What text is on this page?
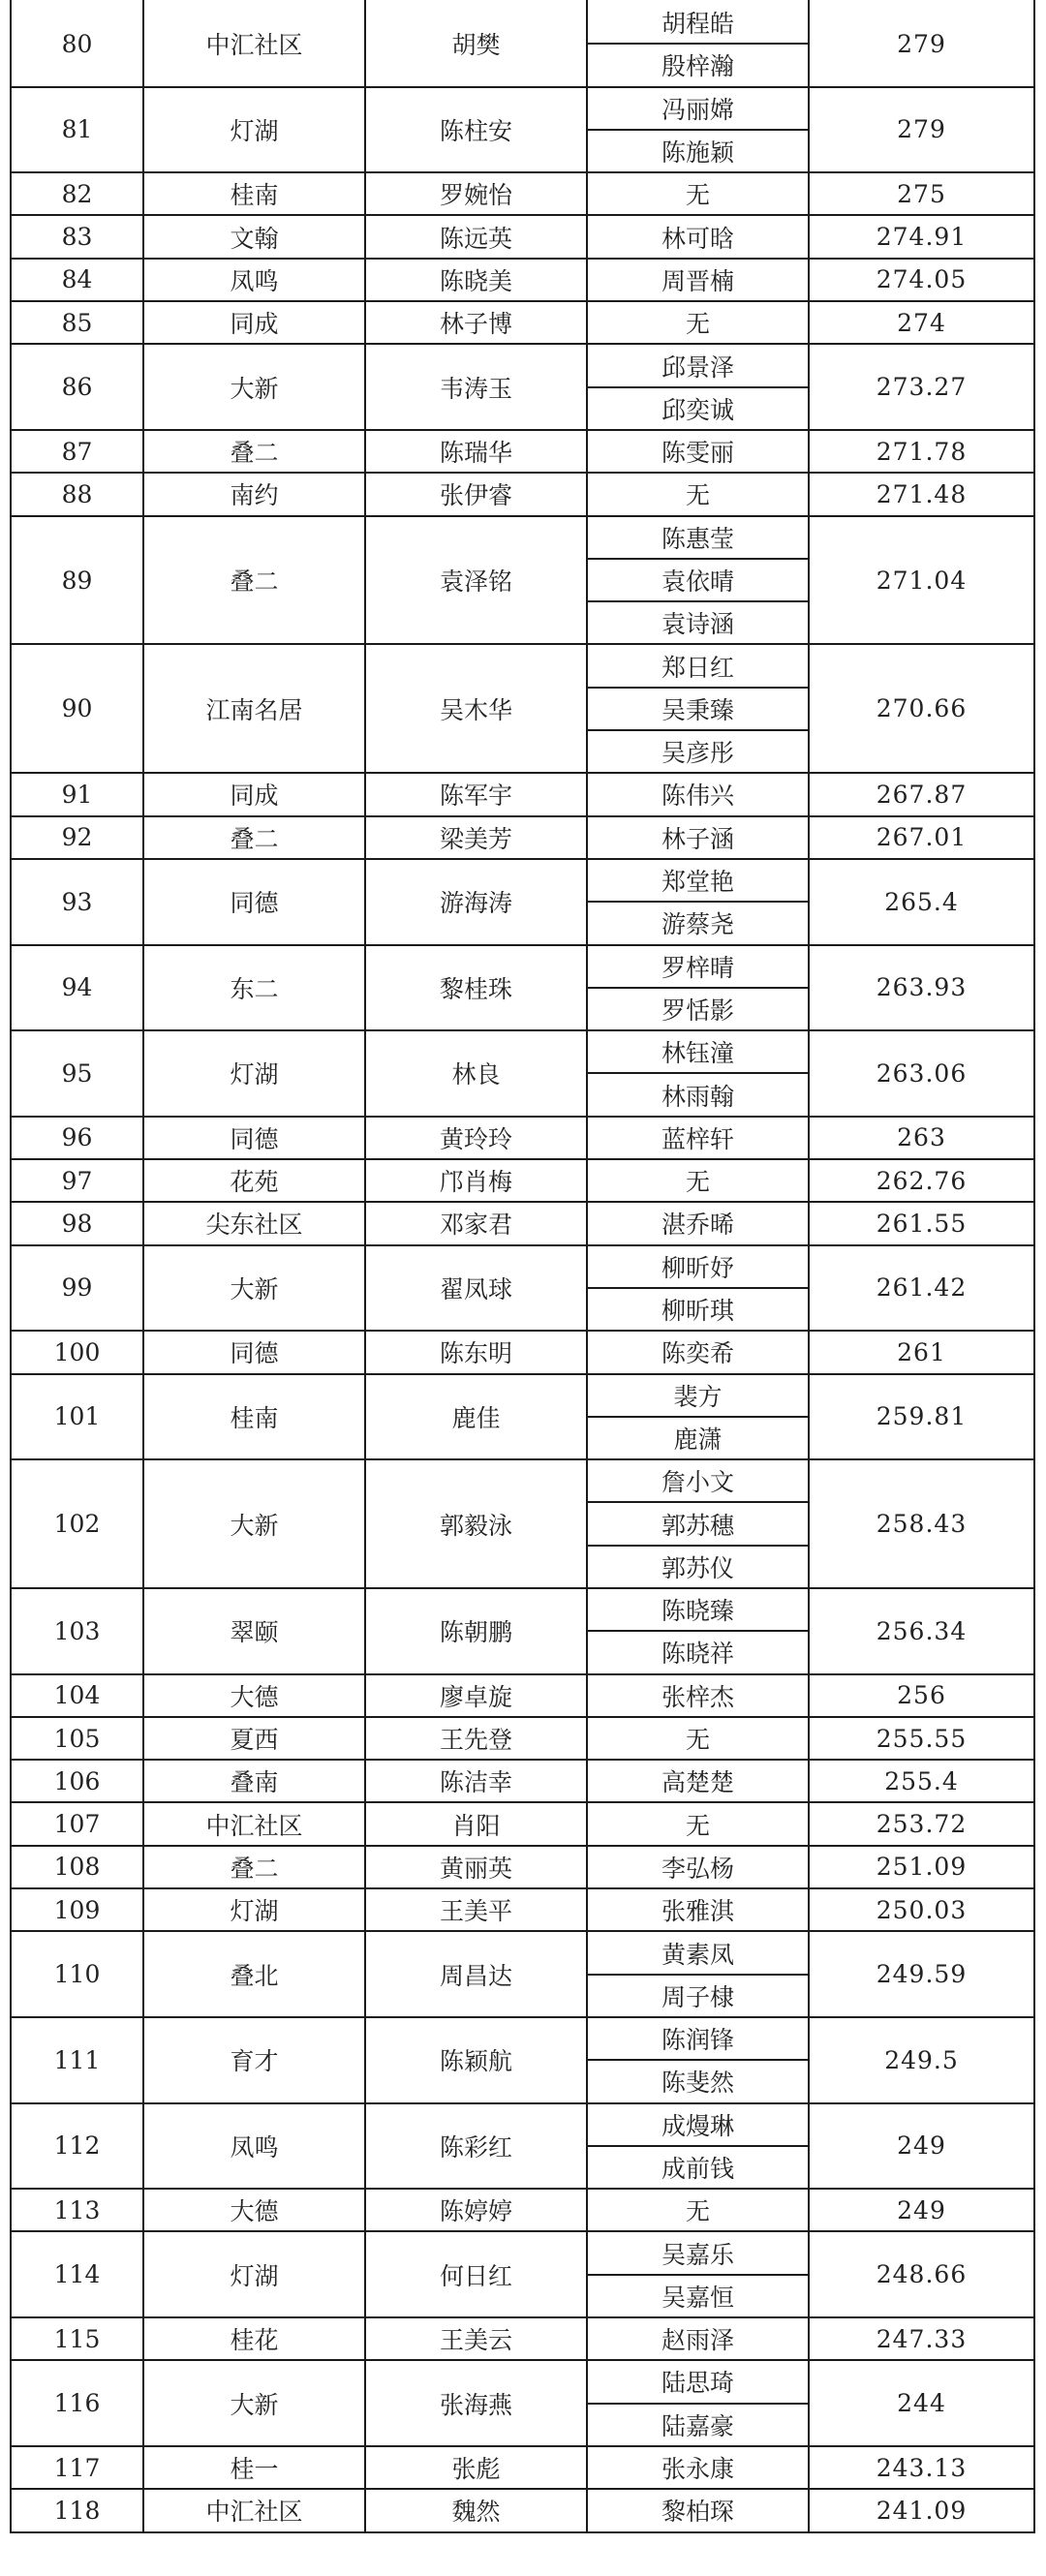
80	中汇社区	胡樊	胡程皓	279
			殷梓瀚	
81	灯湖	陈柱安	冯丽嫦	279
			陈施颖	
82	桂南	罗婉怡	无	275
83	文翰	陈远英	林可晗	274.91
84	凤鸣	陈晓美	周晋楠	274.05
85	同成	林子博	无	274
86	大新	韦涛玉	邱景泽	273.27
			邱奕诚	
87	叠二	陈瑞华	陈雯丽	271.78
88	南约	张伊睿	无	271.48
89	叠二	袁泽铭	陈惠莹	271.04
			袁依晴	
			袁诗涵	
90	江南名居	吴木华	郑日红	270.66
			吴秉臻	
			吴彦彤	
91	同成	陈军宇	陈伟兴	267.87
92	叠二	梁美芳	林子涵	267.01
93	同德	游海涛	郑堂艳	265.4
			游蔡尧	
94	东二	黎桂珠	罗梓晴	263.93
			罗恬影	
95	灯湖	林良	林钰潼	263.06
			林雨翰	
96	同德	黄玲玲	蓝梓轩	263
97	花苑	邝肖梅	无	262.76
98	尖东社区	邓家君	湛乔晞	261.55
99	大新	翟凤球	柳昕妤	261.42
			柳昕琪	
100	同德	陈东明	陈奕希	261
101	桂南	鹿佳	裴方	259.81
			鹿潇	
102	大新	郭毅泳	詹小文	258.43
			郭苏穗	
			郭苏仪	
103	翠颐	陈朝鹏	陈晓臻	256.34
			陈晓祥	
104	大德	廖卓旋	张梓杰	256
105	夏西	王先登	无	255.55
106	叠南	陈洁幸	高楚楚	255.4
107	中汇社区	肖阳	无	253.72
108	叠二	黄丽英	李弘杨	251.09
109	灯湖	王美平	张雅淇	250.03
110	叠北	周昌达	黄素凤	249.59
			周子棣	
111	育才	陈颖航	陈润锋	249.5
			陈斐然	
112	凤鸣	陈彩红	成熳琳	249
			成前钱	
113	大德	陈婷婷	无	249
114	灯湖	何日红	吴嘉乐	248.66
			吴嘉恒	
115	桂花	王美云	赵雨泽	247.33
116	大新	张海燕	陆思琦	244
			陆嘉豪	
117	桂一	张彪	张永康	243.13
118	中汇社区	魏然	黎柏琛	241.09
